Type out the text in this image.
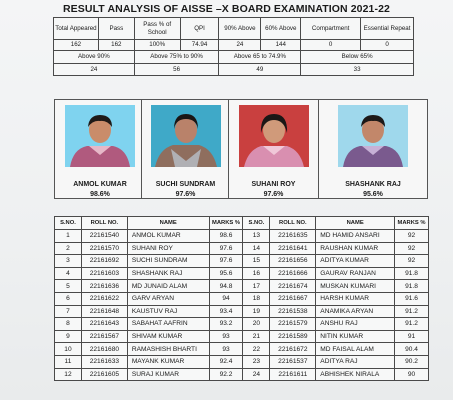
RESULT ANALYSIS OF AISSE –X BOARD EXAMINATION 2021-22
Total Appeared	Pass	Pass % of School	QPI	90% Above	60% Above	Compartment	Essential Repeat
162	162	100%	74.94	24	144	0	0
Above 90%		Above 75% to 90%		Above 65 to 74.9%		Below 65%	
24		56		49		33	
ANMOL KUMAR
98.6%
SUCHI SUNDRAM
97.6%
SUHANI ROY
97.6%
SHASHANK RAJ
95.6%
S.NO.	ROLL NO.	NAME	MARKS %	S.NO.	ROLL NO.	NAME	MARKS %
1	22161540	ANMOL KUMAR	98.6	13	22161635	MD HAMID ANSARI	92
2	22161570	SUHANI ROY	97.6	14	22161641	RAUSHAN KUMAR	92
3	22161692	SUCHI SUNDRAM	97.6	15	22161656	ADITYA KUMAR	92
4	22161603	SHASHANK RAJ	95.6	16	22161666	GAURAV RANJAN	91.8
5	22161636	MD JUNAID ALAM	94.8	17	22161674	MUSKAN KUMARI	91.8
6	22161622	GARV ARYAN	94	18	22161667	HARSH KUMAR	91.6
7	22161648	KAUSTUV RAJ	93.4	19	22161538	ANAMIKA ARYAN	91.2
8	22161643	SABAHAT AAFRIN	93.2	20	22161579	ANSHU RAJ	91.2
9	22161567	SHIVAM KUMAR	93	21	22161589	NITIN KUMAR	91
10	22161680	RAMASHISH BHARTI	93	22	22161672	MD FAISAL ALAM	90.4
11	22161633	MAYANK KUMAR	92.4	23	22161537	ADITYA RAJ	90.2
12	22161605	SURAJ KUMAR	92.2	24	22161611	ABHISHEK NIRALA	90
